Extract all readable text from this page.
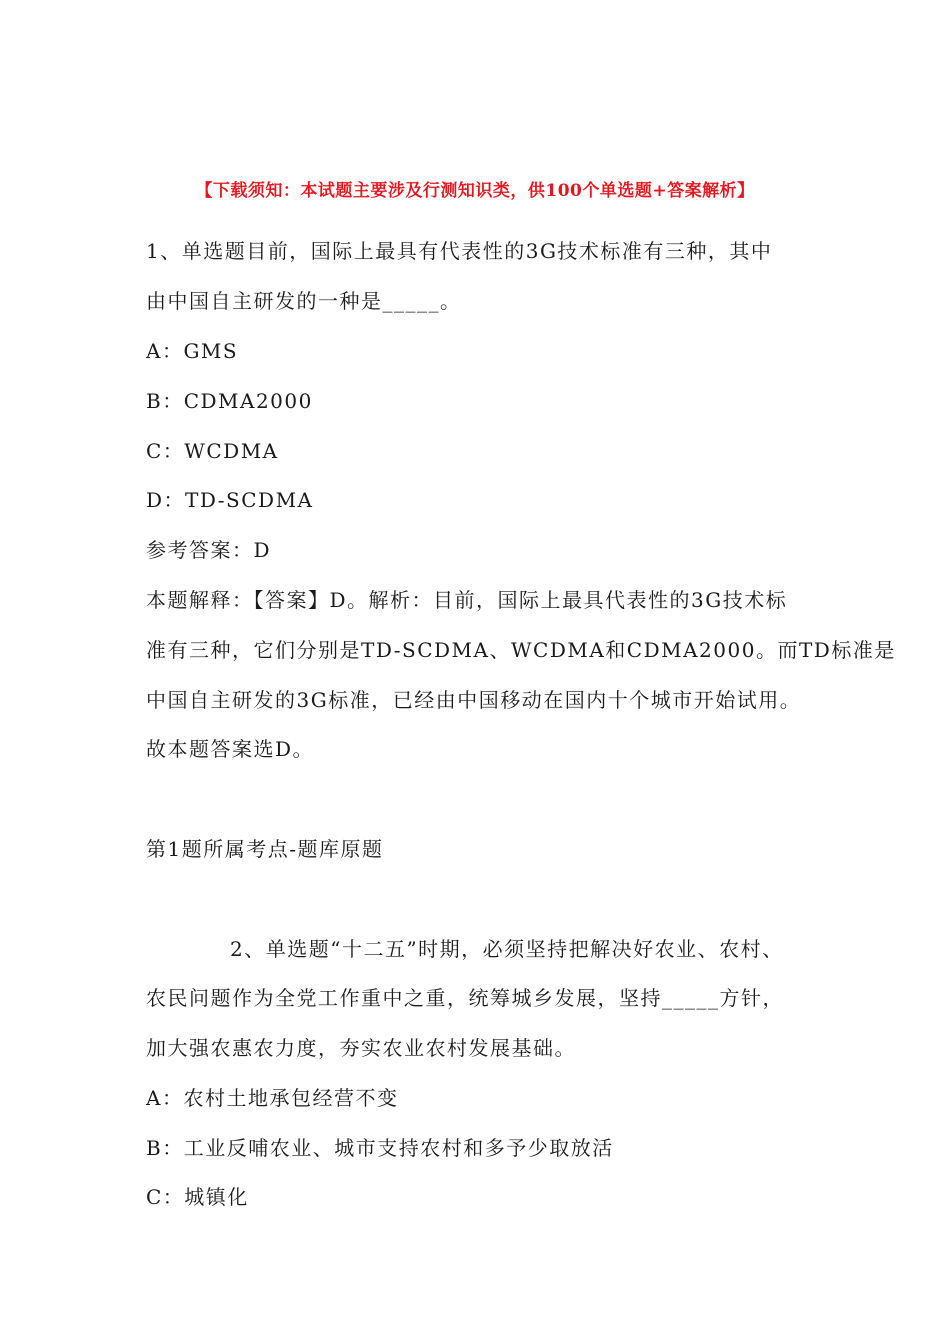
【下载须知：本试题主要涉及行测知识类，供100个单选题+答案解析】
1、单选题目前，国际上最具有代表性的3G技术标准有三种，其中
由中国自主研发的一种是_____。
A：GMS
B：CDMA2000
C：WCDMA
D：TD-SCDMA
参考答案：D
本题解释：【答案】D。解析：目前，国际上最具代表性的3G技术标
准有三种，它们分别是TD-SCDMA、WCDMA和CDMA2000。而TD标准是
中国自主研发的3G标准，已经由中国移动在国内十个城市开始试用。
故本题答案选D。
第1题所属考点-题库原题
2、单选题“十二五”时期，必须坚持把解决好农业、农村、
农民问题作为全党工作重中之重，统筹城乡发展，坚持_____方针，
加大强农惠农力度，夯实农业农村发展基础。
A：农村土地承包经营不变
B：工业反哺农业、城市支持农村和多予少取放活
C：城镇化
